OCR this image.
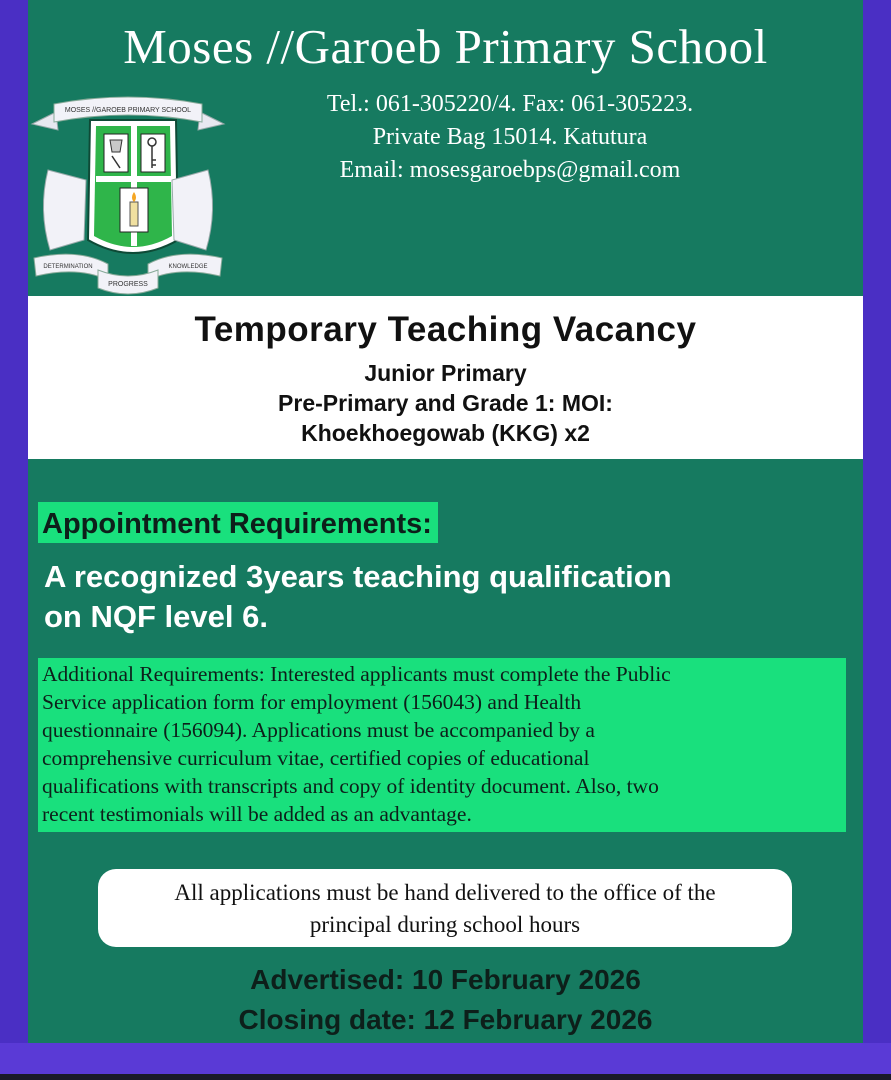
Moses //Garoeb Primary School
Tel.: 061-305220/4. Fax: 061-305223.
Private Bag 15014. Katutura
Email: mosesgaroebps@gmail.com
MOSES //GAROEB PRIMARY SCHOOL
DETERMINATION	KNOWLEDGE
PROGRESS
Temporary Teaching Vacancy
Junior Primary
Pre-Primary and Grade 1: MOI:
Khoekhoegowab (KKG) x2
Appointment Requirements:
A recognized 3years teaching qualification
on NQF level 6.
Additional Requirements: Interested applicants must complete the Public
Service application form for employment (156043) and Health
questionnaire (156094). Applications must be accompanied by a
comprehensive curriculum vitae, certified copies of educational
qualifications with transcripts and copy of identity document. Also, two
recent testimonials will be added as an advantage.
All applications must be hand delivered to the office of the
principal during school hours
Advertised: 10 February 2026
Closing date: 12 February 2026
